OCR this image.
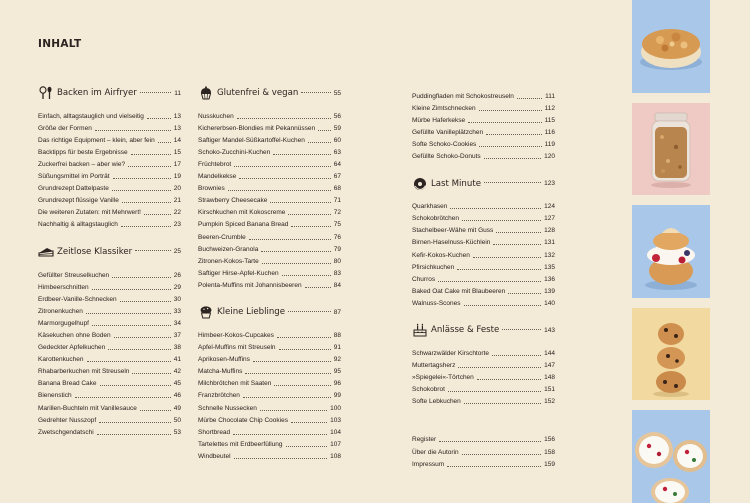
INHALT
Backen im Airfryer	11
Einfach, alltagstauglich und vielseitig	13
Größe der Formen	13
Das richtige Equipment – klein, aber fein	14
Backtipps für beste Ergebnisse	15
Zuckerfrei backen – aber wie?	17
Süßungsmittel im Porträt	19
Grundrezept Dattelpaste	20
Grundrezept flüssige Vanille	21
Die weiteren Zutaten: mit Mehrwert!	22
Nachhaltig & alltagstauglich	23
Zeitlose Klassiker	25
Gefüllter Streuselkuchen	26
Himbeerschnitten	29
Erdbeer-Vanille-Schnecken	30
Zitronenkuchen	33
Marmorgugelhupf	34
Käsekuchen ohne Boden	37
Gedeckter Apfelkuchen	38
Karottenkuchen	41
Rhabarberkuchen mit Streuseln	42
Banana Bread Cake	45
Bienenstich	46
Marillen-Buchteln mit Vanillesauce	49
Gedrehter Nusszopf	50
Zwetschgendatschi	53
Glutenfrei & vegan	55
Nusskuchen	56
Kichererbsen-Blondies mit Pekannüssen	59
Saftiger Mandel-Süßkartoffel-Kuchen	60
Schoko-Zucchini-Kuchen	63
Früchtebrot	64
Mandelkekse	67
Brownies	68
Strawberry Cheesecake	71
Kirschkuchen mit Kokoscreme	72
Pumpkin Spiced Banana Bread	75
Beeren-Crumble	76
Buchweizen-Granola	79
Zitronen-Kokos-Tarte	80
Saftiger Hirse-Apfel-Kuchen	83
Polenta-Muffins mit Johannisbeeren	84
Kleine Lieblinge	87
Himbeer-Kokos-Cupcakes	88
Apfel-Muffins mit Streuseln	91
Aprikosen-Muffins	92
Matcha-Muffins	95
Milchbrötchen mit Saaten	96
Franzbrötchen	99
Schnelle Nussecken	100
Mürbe Chocolate Chip Cookies	103
Shortbread	104
Tartelettes mit Erdbeerfüllung	107
Windbeutel	108
Puddingfladen mit Schokostreuseln	111
Kleine Zimtschnecken	112
Mürbe Haferkekse	115
Gefüllte Vanilleplätzchen	116
Softe Schoko-Cookies	119
Gefüllte Schoko-Donuts	120
Last Minute	123
Quarkhasen	124
Schokobrötchen	127
Stachelbeer-Wähe mit Guss	128
Birnen-Haselnuss-Küchlein	131
Kefir-Kokos-Kuchen	132
Pfirsichkuchen	135
Churros	136
Baked Oat Cake mit Blaubeeren	139
Walnuss-Scones	140
Anlässe & Feste	143
Schwarzwälder Kirschtorte	144
Muttertagsherz	147
»Spiegelei«-Törtchen	148
Schokobrot	151
Softe Lebkuchen	152
Register	156
Über die Autorin	158
Impressum	159
